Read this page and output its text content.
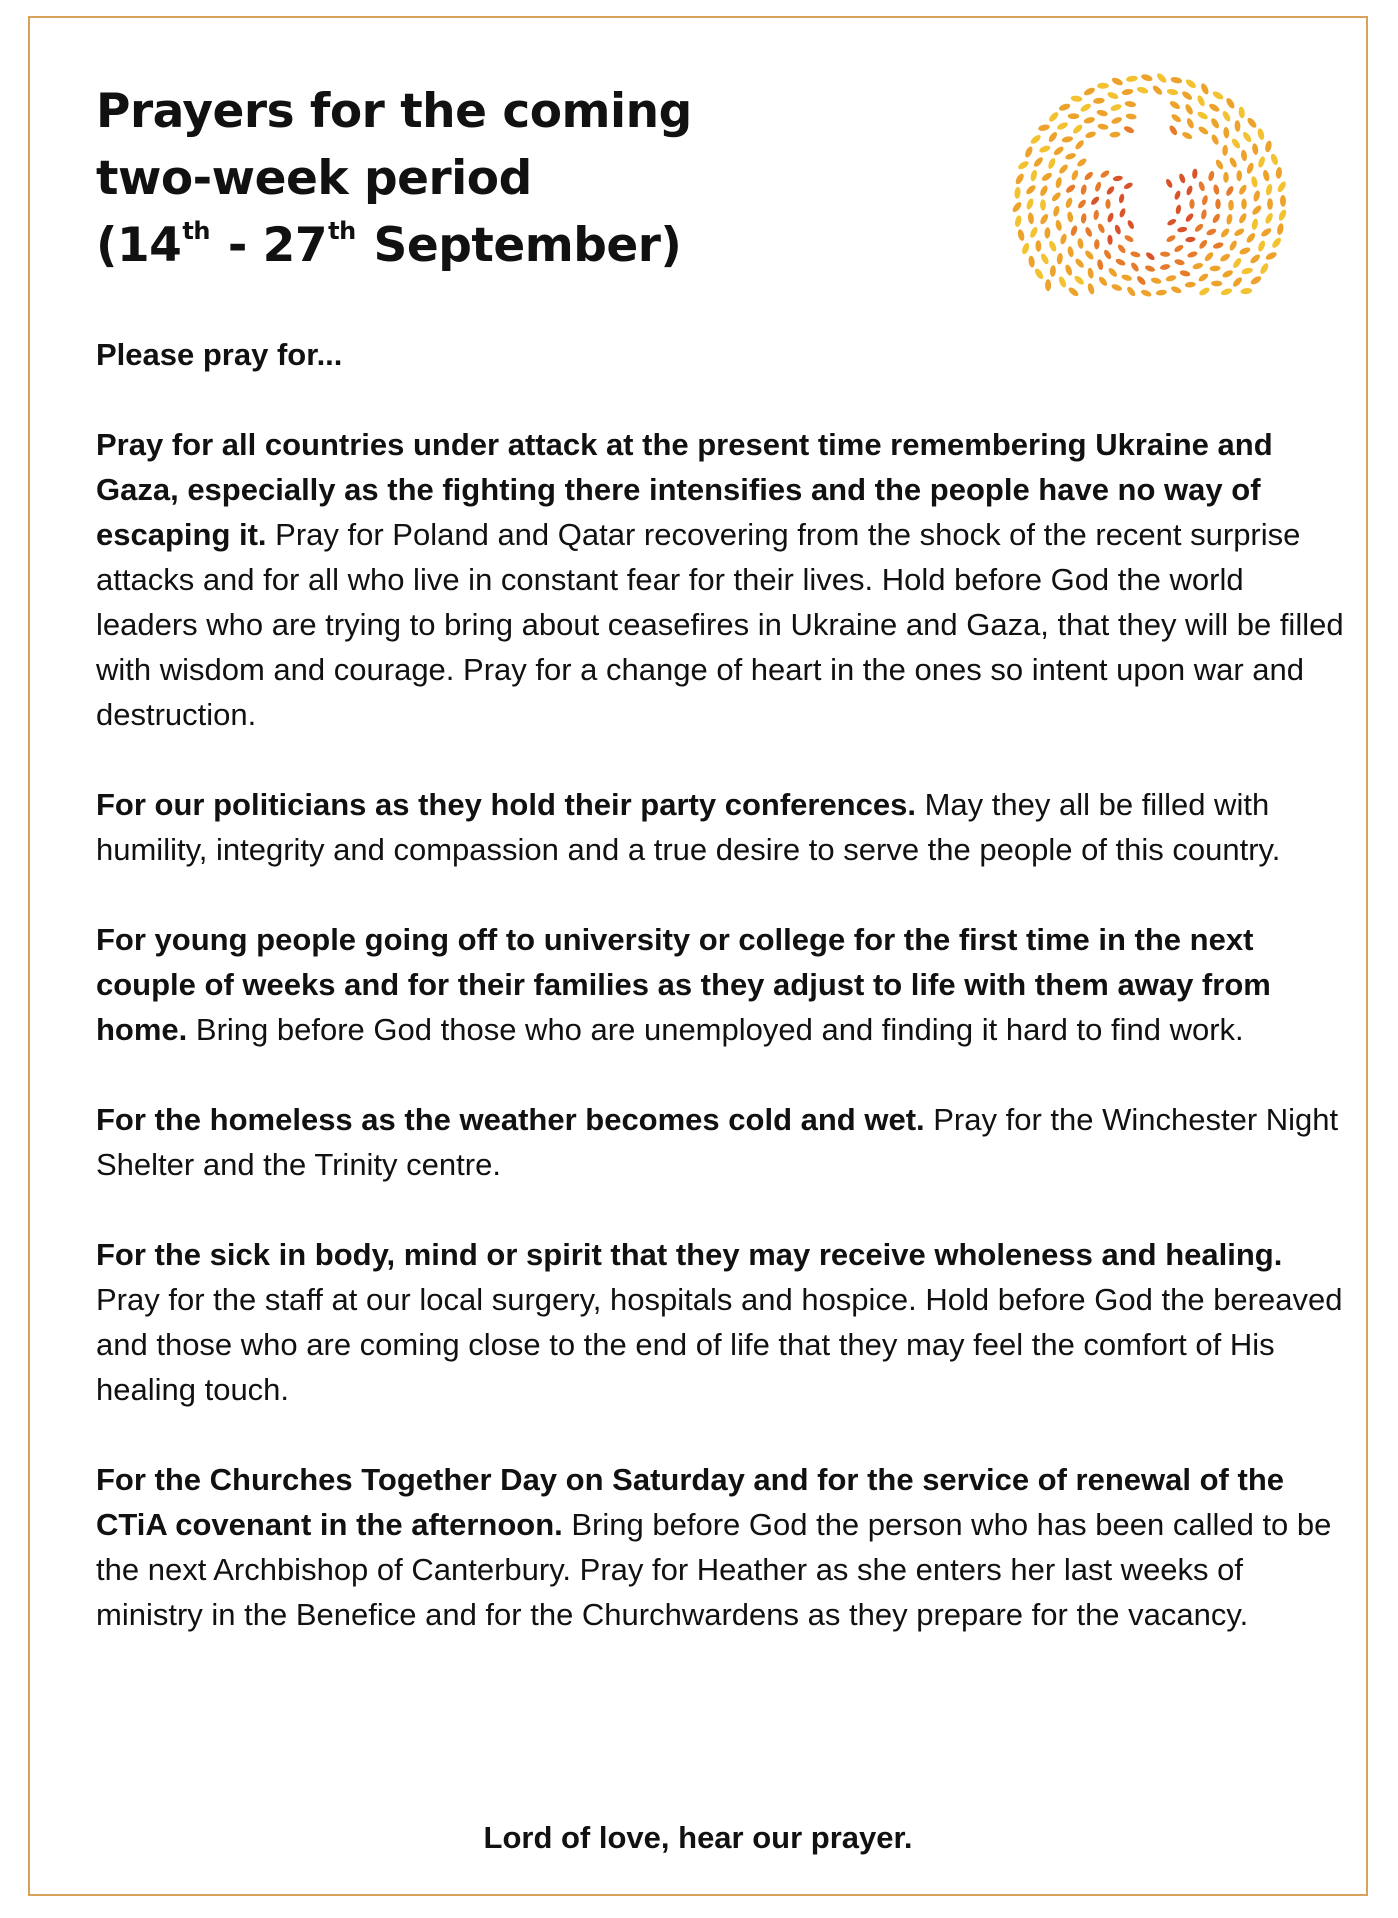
Prayers for the coming
two-week period
(14th - 27th September)

Please pray for...

Pray for all countries under attack at the present time remembering Ukraine and Gaza, especially as the fighting there intensifies and the people have no way of escaping it. Pray for Poland and Qatar recovering from the shock of the recent surprise attacks and for all who live in constant fear for their lives. Hold before God the world leaders who are trying to bring about ceasefires in Ukraine and Gaza, that they will be filled with wisdom and courage. Pray for a change of heart in the ones so intent upon war and destruction.

For our politicians as they hold their party conferences. May they all be filled with humility, integrity and compassion and a true desire to serve the people of this country.

For young people going off to university or college for the first time in the next couple of weeks and for their families as they adjust to life with them away from home. Bring before God those who are unemployed and finding it hard to find work.

For the homeless as the weather becomes cold and wet. Pray for the Winchester Night Shelter and the Trinity centre.

For the sick in body, mind or spirit that they may receive wholeness and healing. Pray for the staff at our local surgery, hospitals and hospice. Hold before God the bereaved and those who are coming close to the end of life that they may feel the comfort of His healing touch.

For the Churches Together Day on Saturday and for the service of renewal of the CTiA covenant in the afternoon. Bring before God the person who has been called to be the next Archbishop of Canterbury. Pray for Heather as she enters her last weeks of ministry in the Benefice and for the Churchwardens as they prepare for the vacancy.

Lord of love, hear our prayer.
